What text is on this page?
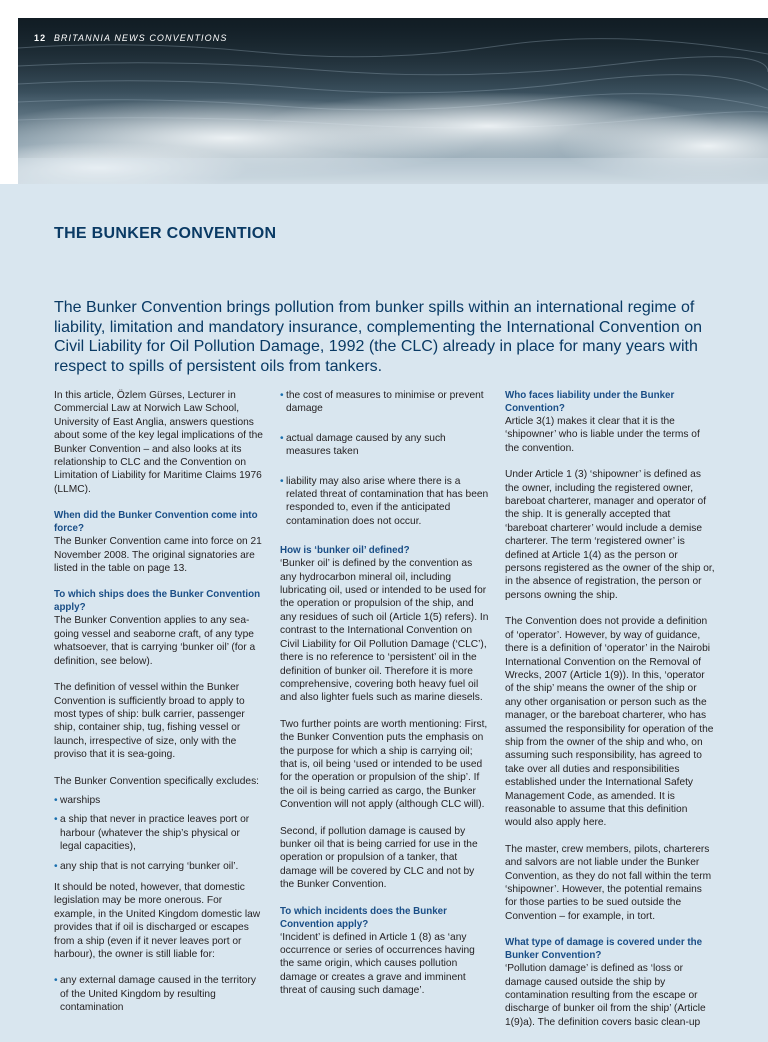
12 BRITANNIA NEWS CONVENTIONS
THE BUNKER CONVENTION
The Bunker Convention brings pollution from bunker spills within an international regime of liability, limitation and mandatory insurance, complementing the International Convention on Civil Liability for Oil Pollution Damage, 1992 (the CLC) already in place for many years with respect to spills of persistent oils from tankers.

In this article, Özlem Gürses, Lecturer in Commercial Law at Norwich Law School, University of East Anglia, answers questions about some of the key legal implications of the Bunker Convention – and also looks at its relationship to CLC and the Convention on Limitation of Liability for Maritime Claims 1976 (LLMC).

When did the Bunker Convention come into force?

The Bunker Convention came into force on 21 November 2008. The original signatories are listed in the table on page 13.

To which ships does the Bunker Convention apply?

The Bunker Convention applies to any sea-going vessel and seaborne craft, of any type whatsoever, that is carrying ‘bunker oil’ (for a definition, see below).

The definition of vessel within the Bunker Convention is sufficiently broad to apply to most types of ship: bulk carrier, passenger ship, container ship, tug, fishing vessel or launch, irrespective of size, only with the proviso that it is sea-going.

The Bunker Convention specifically excludes:

• warships
• a ship that never in practice leaves port or harbour (whatever the ship’s physical or legal capacities),
• any ship that is not carrying ‘bunker oil’.

It should be noted, however, that domestic legislation may be more onerous. For example, in the United Kingdom domestic law provides that if oil is discharged or escapes from a ship (even if it never leaves port or harbour), the owner is still liable for:

• any external damage caused in the territory of the United Kingdom by resulting contamination
• the cost of measures to minimise or prevent damage
• actual damage caused by any such measures taken
• liability may also arise where there is a related threat of contamination that has been responded to, even if the anticipated contamination does not occur.
How is ‘bunker oil’ defined?

‘Bunker oil’ is defined by the convention as any hydrocarbon mineral oil, including lubricating oil, used or intended to be used for the operation or propulsion of the ship, and any residues of such oil (Article 1(5) refers). In contrast to the International Convention on Civil Liability for Oil Pollution Damage (‘CLC’), there is no reference to ‘persistent’ oil in the definition of bunker oil. Therefore it is more comprehensive, covering both heavy fuel oil and also lighter fuels such as marine diesels.

Two further points are worth mentioning: First, the Bunker Convention puts the emphasis on the purpose for which a ship is carrying oil; that is, oil being ‘used or intended to be used for the operation or propulsion of the ship’. If the oil is being carried as cargo, the Bunker Convention will not apply (although CLC will).

Second, if pollution damage is caused by bunker oil that is being carried for use in the operation or propulsion of a tanker, that damage will be covered by CLC and not by the Bunker Convention.

To which incidents does the Bunker Convention apply?

‘Incident’ is defined in Article 1 (8) as ‘any occurrence or series of occurrences having the same origin, which causes pollution damage or creates a grave and imminent threat of causing such damage’.

Who faces liability under the Bunker Convention?

Article 3(1) makes it clear that it is the ‘shipowner’ who is liable under the terms of the convention.

Under Article 1 (3) ‘shipowner’ is defined as the owner, including the registered owner, bareboat charterer, manager and operator of the ship. It is generally accepted that ‘bareboat charterer’ would include a demise charterer. The term ‘registered owner’ is defined at Article 1(4) as the person or persons registered as the owner of the ship or, in the absence of registration, the person or persons owning the ship.

The Convention does not provide a definition of ‘operator’. However, by way of guidance, there is a definition of ‘operator’ in the Nairobi International Convention on the Removal of Wrecks, 2007 (Article 1(9)). In this, ‘operator of the ship’ means the owner of the ship or any other organisation or person such as the manager, or the bareboat charterer, who has assumed the responsibility for operation of the ship from the owner of the ship and who, on assuming such responsibility, has agreed to take over all duties and responsibilities established under the International Safety Management Code, as amended. It is reasonable to assume that this definition would also apply here.

The master, crew members, pilots, charterers and salvors are not liable under the Bunker Convention, as they do not fall within the term ‘shipowner’. However, the potential remains for those parties to be sued outside the Convention – for example, in tort.

What type of damage is covered under the Bunker Convention?

‘Pollution damage’ is defined as ‘loss or damage caused outside the ship by contamination resulting from the escape or discharge of bunker oil from the ship’ (Article 1(9)a). The definition covers basic clean-up
